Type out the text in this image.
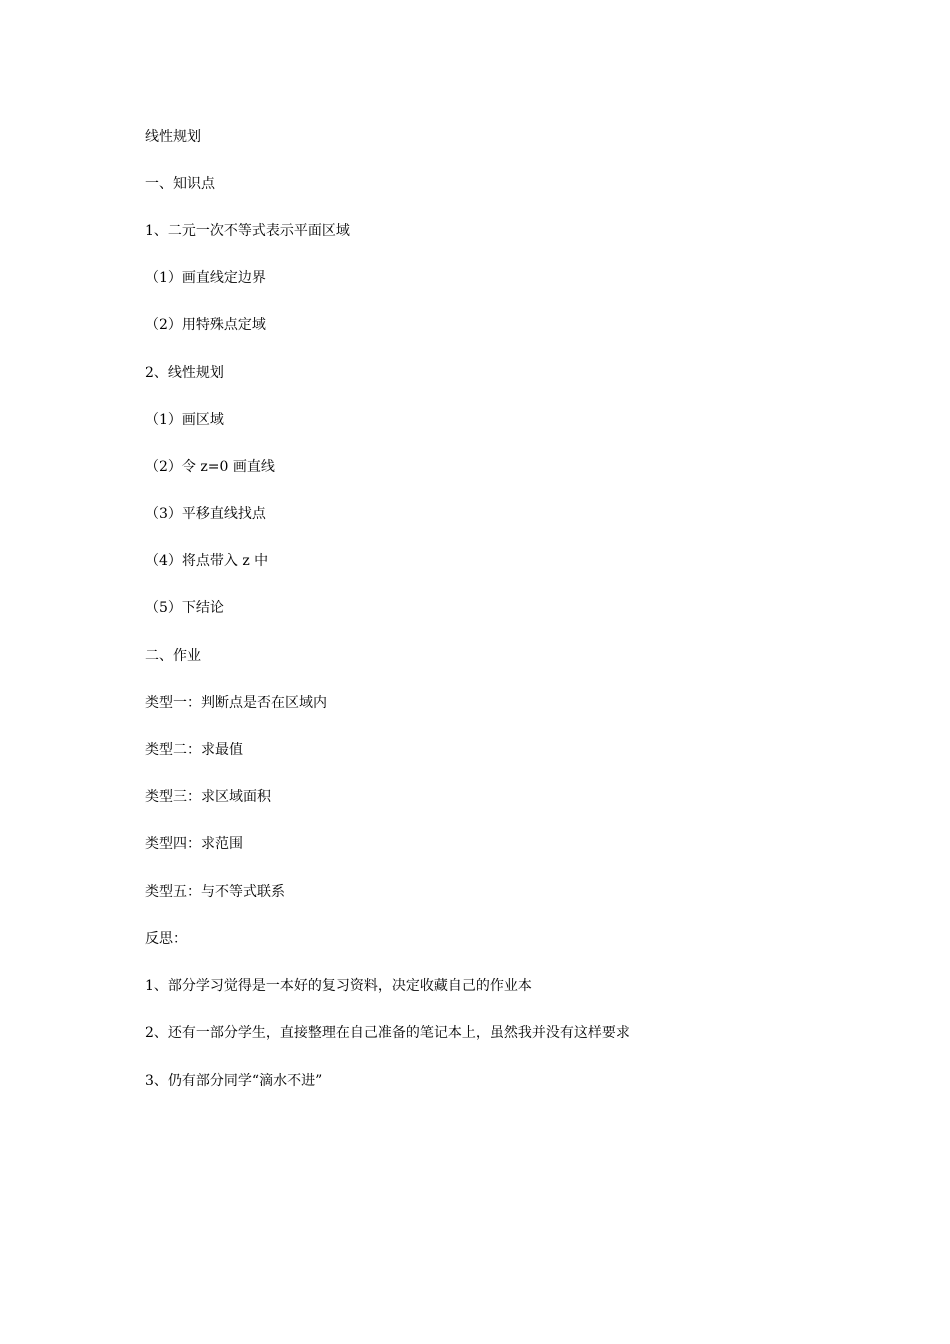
线性规划
一、知识点
1、二元一次不等式表示平面区域
（1）画直线定边界
（2）用特殊点定域
2、线性规划
（1）画区域
（2）令 z=0 画直线
（3）平移直线找点
（4）将点带入 z 中
（5）下结论
二、作业
类型一：判断点是否在区域内
类型二：求最值
类型三：求区域面积
类型四：求范围
类型五：与不等式联系
反思：
1、部分学习觉得是一本好的复习资料，决定收藏自己的作业本
2、还有一部分学生，直接整理在自己准备的笔记本上，虽然我并没有这样要求
3、仍有部分同学“滴水不进”
